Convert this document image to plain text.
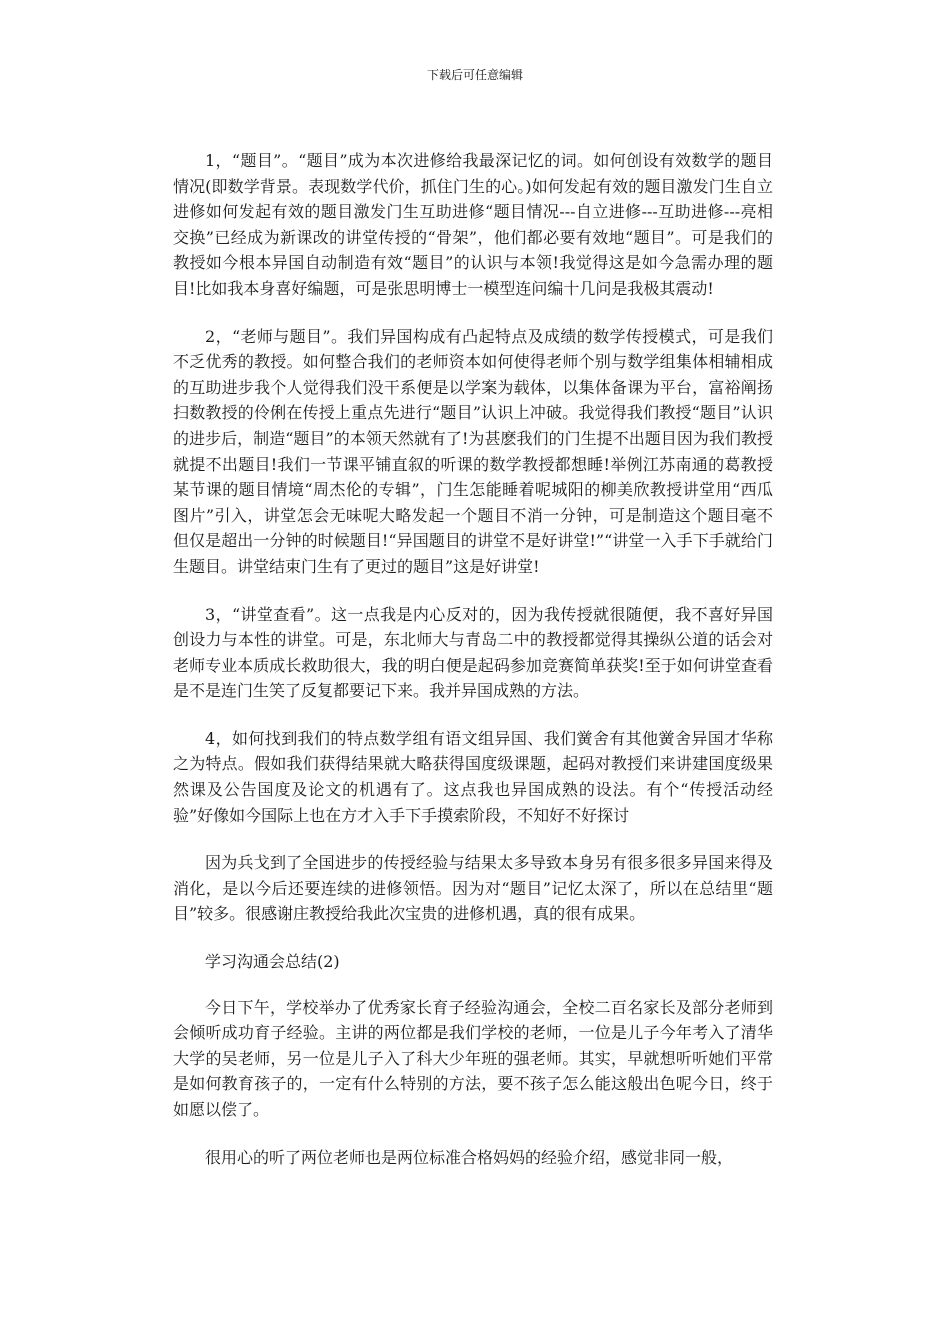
下载后可任意编辑

1，“题目”。“题目”成为本次进修给我最深记忆的词。如何创设有效数学的题目情况(即数学背景。表现数学代价，抓住门生的心。)如何发起有效的题目激发门生自立进修如何发起有效的题目激发门生互助进修“题目情况---自立进修---互助进修---亮相交换”已经成为新课改的讲堂传授的“骨架”，他们都必要有效地“题目”。可是我们的教授如今根本异国自动制造有效“题目”的认识与本领!我觉得这是如今急需办理的题目!比如我本身喜好编题，可是张思明博士一模型连问编十几问是我极其震动!

2，“老师与题目”。我们异国构成有凸起特点及成绩的数学传授模式，可是我们不乏优秀的教授。如何整合我们的老师资本如何使得老师个别与数学组集体相辅相成的互助进步我个人觉得我们没干系便是以学案为载体，以集体备课为平台，富裕阐扬扫数教授的伶俐在传授上重点先进行“题目”认识上冲破。我觉得我们教授“题目”认识的进步后，制造“题目”的本领天然就有了!为甚麽我们的门生提不出题目因为我们教授就提不出题目!我们一节课平铺直叙的听课的数学教授都想睡!举例江苏南通的葛教授某节课的题目情境“周杰伦的专辑”，门生怎能睡着呢城阳的柳美欣教授讲堂用“西瓜图片”引入，讲堂怎会无味呢大略发起一个题目不消一分钟，可是制造这个题目毫不但仅是超出一分钟的时候题目!“异国题目的讲堂不是好讲堂!”“讲堂一入手下手就给门生题目。讲堂结束门生有了更过的题目”这是好讲堂!

3，“讲堂查看”。这一点我是内心反对的，因为我传授就很随便，我不喜好异国创设力与本性的讲堂。可是，东北师大与青岛二中的教授都觉得其操纵公道的话会对老师专业本质成长救助很大，我的明白便是起码参加竞赛简单获奖!至于如何讲堂查看是不是连门生笑了反复都要记下来。我并异国成熟的方法。

4，如何找到我们的特点数学组有语文组异国、我们黉舍有其他黉舍异国才华称之为特点。假如我们获得结果就大略获得国度级课题，起码对教授们来讲建国度级果然课及公告国度及论文的机遇有了。这点我也异国成熟的设法。有个“传授活动经验”好像如今国际上也在方才入手下手摸索阶段，不知好不好探讨

因为兵戈到了全国进步的传授经验与结果太多导致本身另有很多很多异国来得及消化，是以今后还要连续的进修领悟。因为对“题目”记忆太深了，所以在总结里“题目”较多。很感谢庄教授给我此次宝贵的进修机遇，真的很有成果。

学习沟通会总结(2)

今日下午，学校举办了优秀家长育子经验沟通会，全校二百名家长及部分老师到会倾听成功育子经验。主讲的两位都是我们学校的老师，一位是儿子今年考入了清华大学的吴老师，另一位是儿子入了科大少年班的强老师。其实，早就想听听她们平常是如何教育孩子的，一定有什么特别的方法，要不孩子怎么能这般出色呢今日，终于如愿以偿了。

很用心的听了两位老师也是两位标准合格妈妈的经验介绍，感觉非同一般，
